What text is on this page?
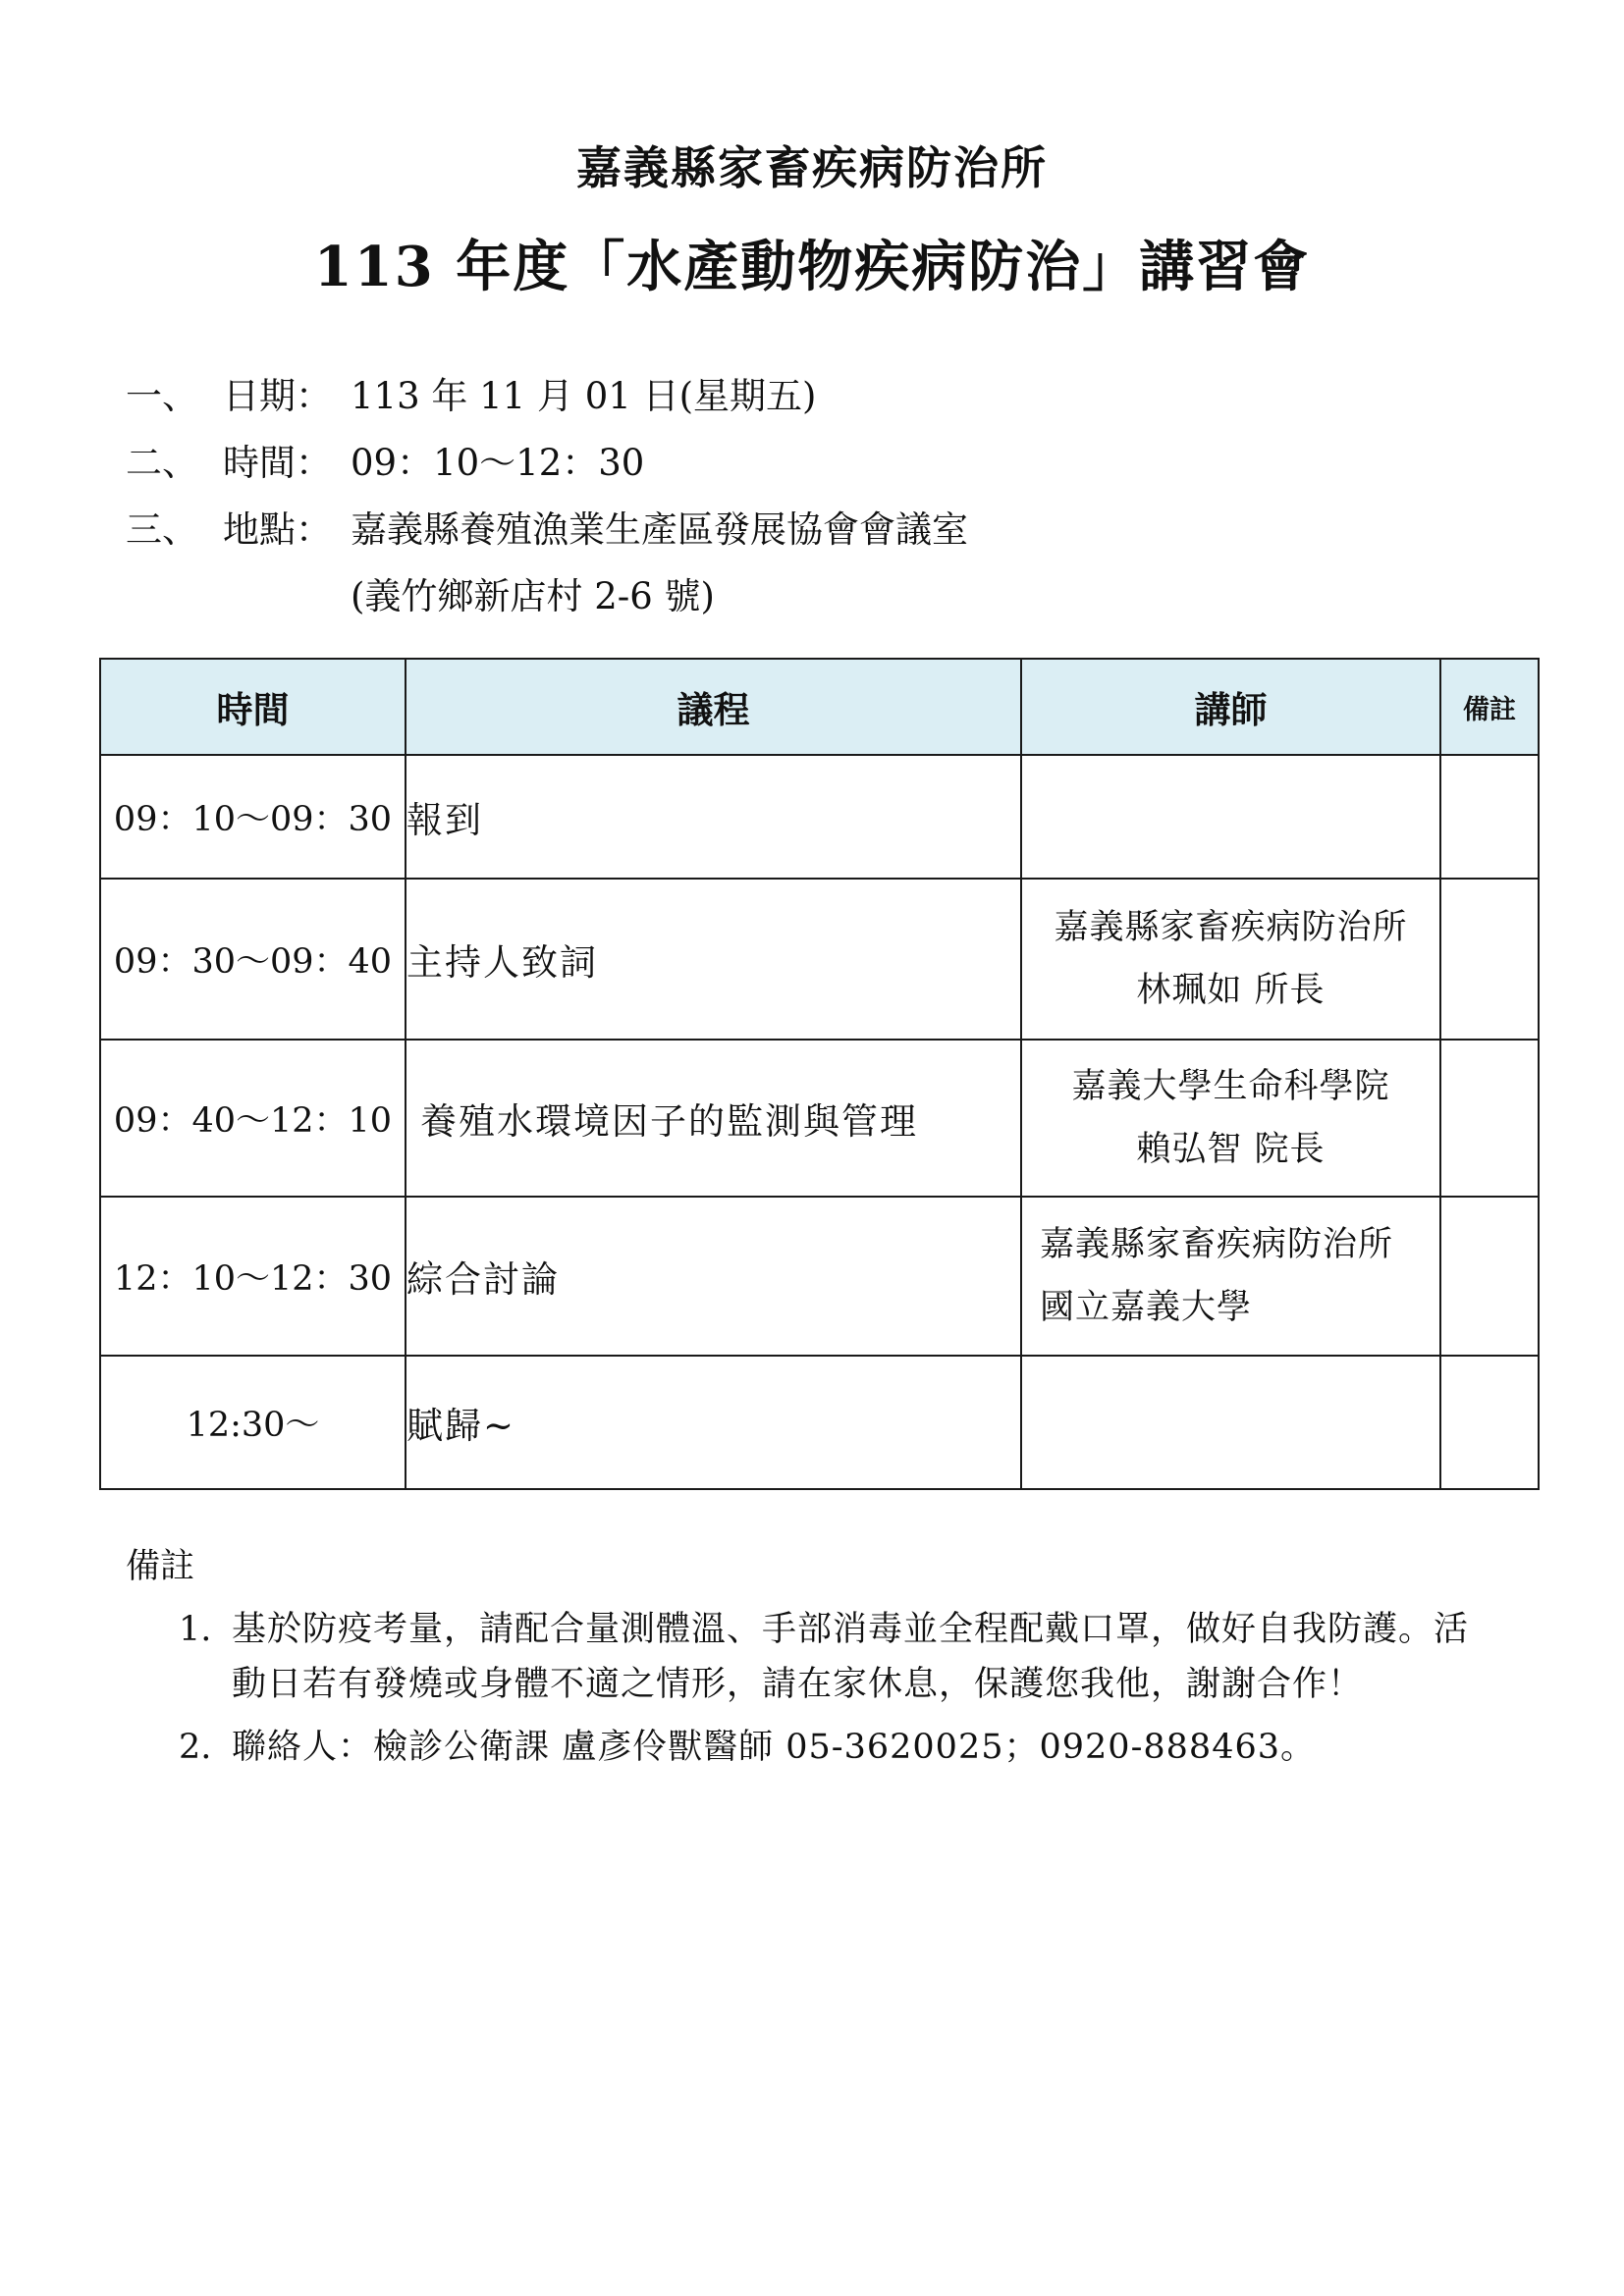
嘉義縣家畜疾病防治所
113 年度「水產動物疾病防治」講習會
一、 日期： 113 年 11 月 01 日(星期五)
二、 時間： 09：10～12：30
三、 地點： 嘉義縣養殖漁業生產區發展協會會議室
(義竹鄉新店村 2-6 號)
時間	議程	講師	備註
09：10～09：30	報到	

09：30～09：40	主持人致詞	嘉義縣家畜疾病防治所
林珮如 所長	

09：40～12：10	養殖水環境因子的監測與管理	嘉義大學生命科學院
賴弘智 院長	

12：10～12：30	綜合討論	嘉義縣家畜疾病防治所
國立嘉義大學	

12:30～	賦歸~	

備註
1. 基於防疫考量，請配合量測體溫、手部消毒並全程配戴口罩，做好自我防護。活動日若有發燒或身體不適之情形，請在家休息，保護您我他，謝謝合作！
2. 聯絡人：檢診公衛課 盧彥伶獸醫師 05-3620025；0920-888463。
